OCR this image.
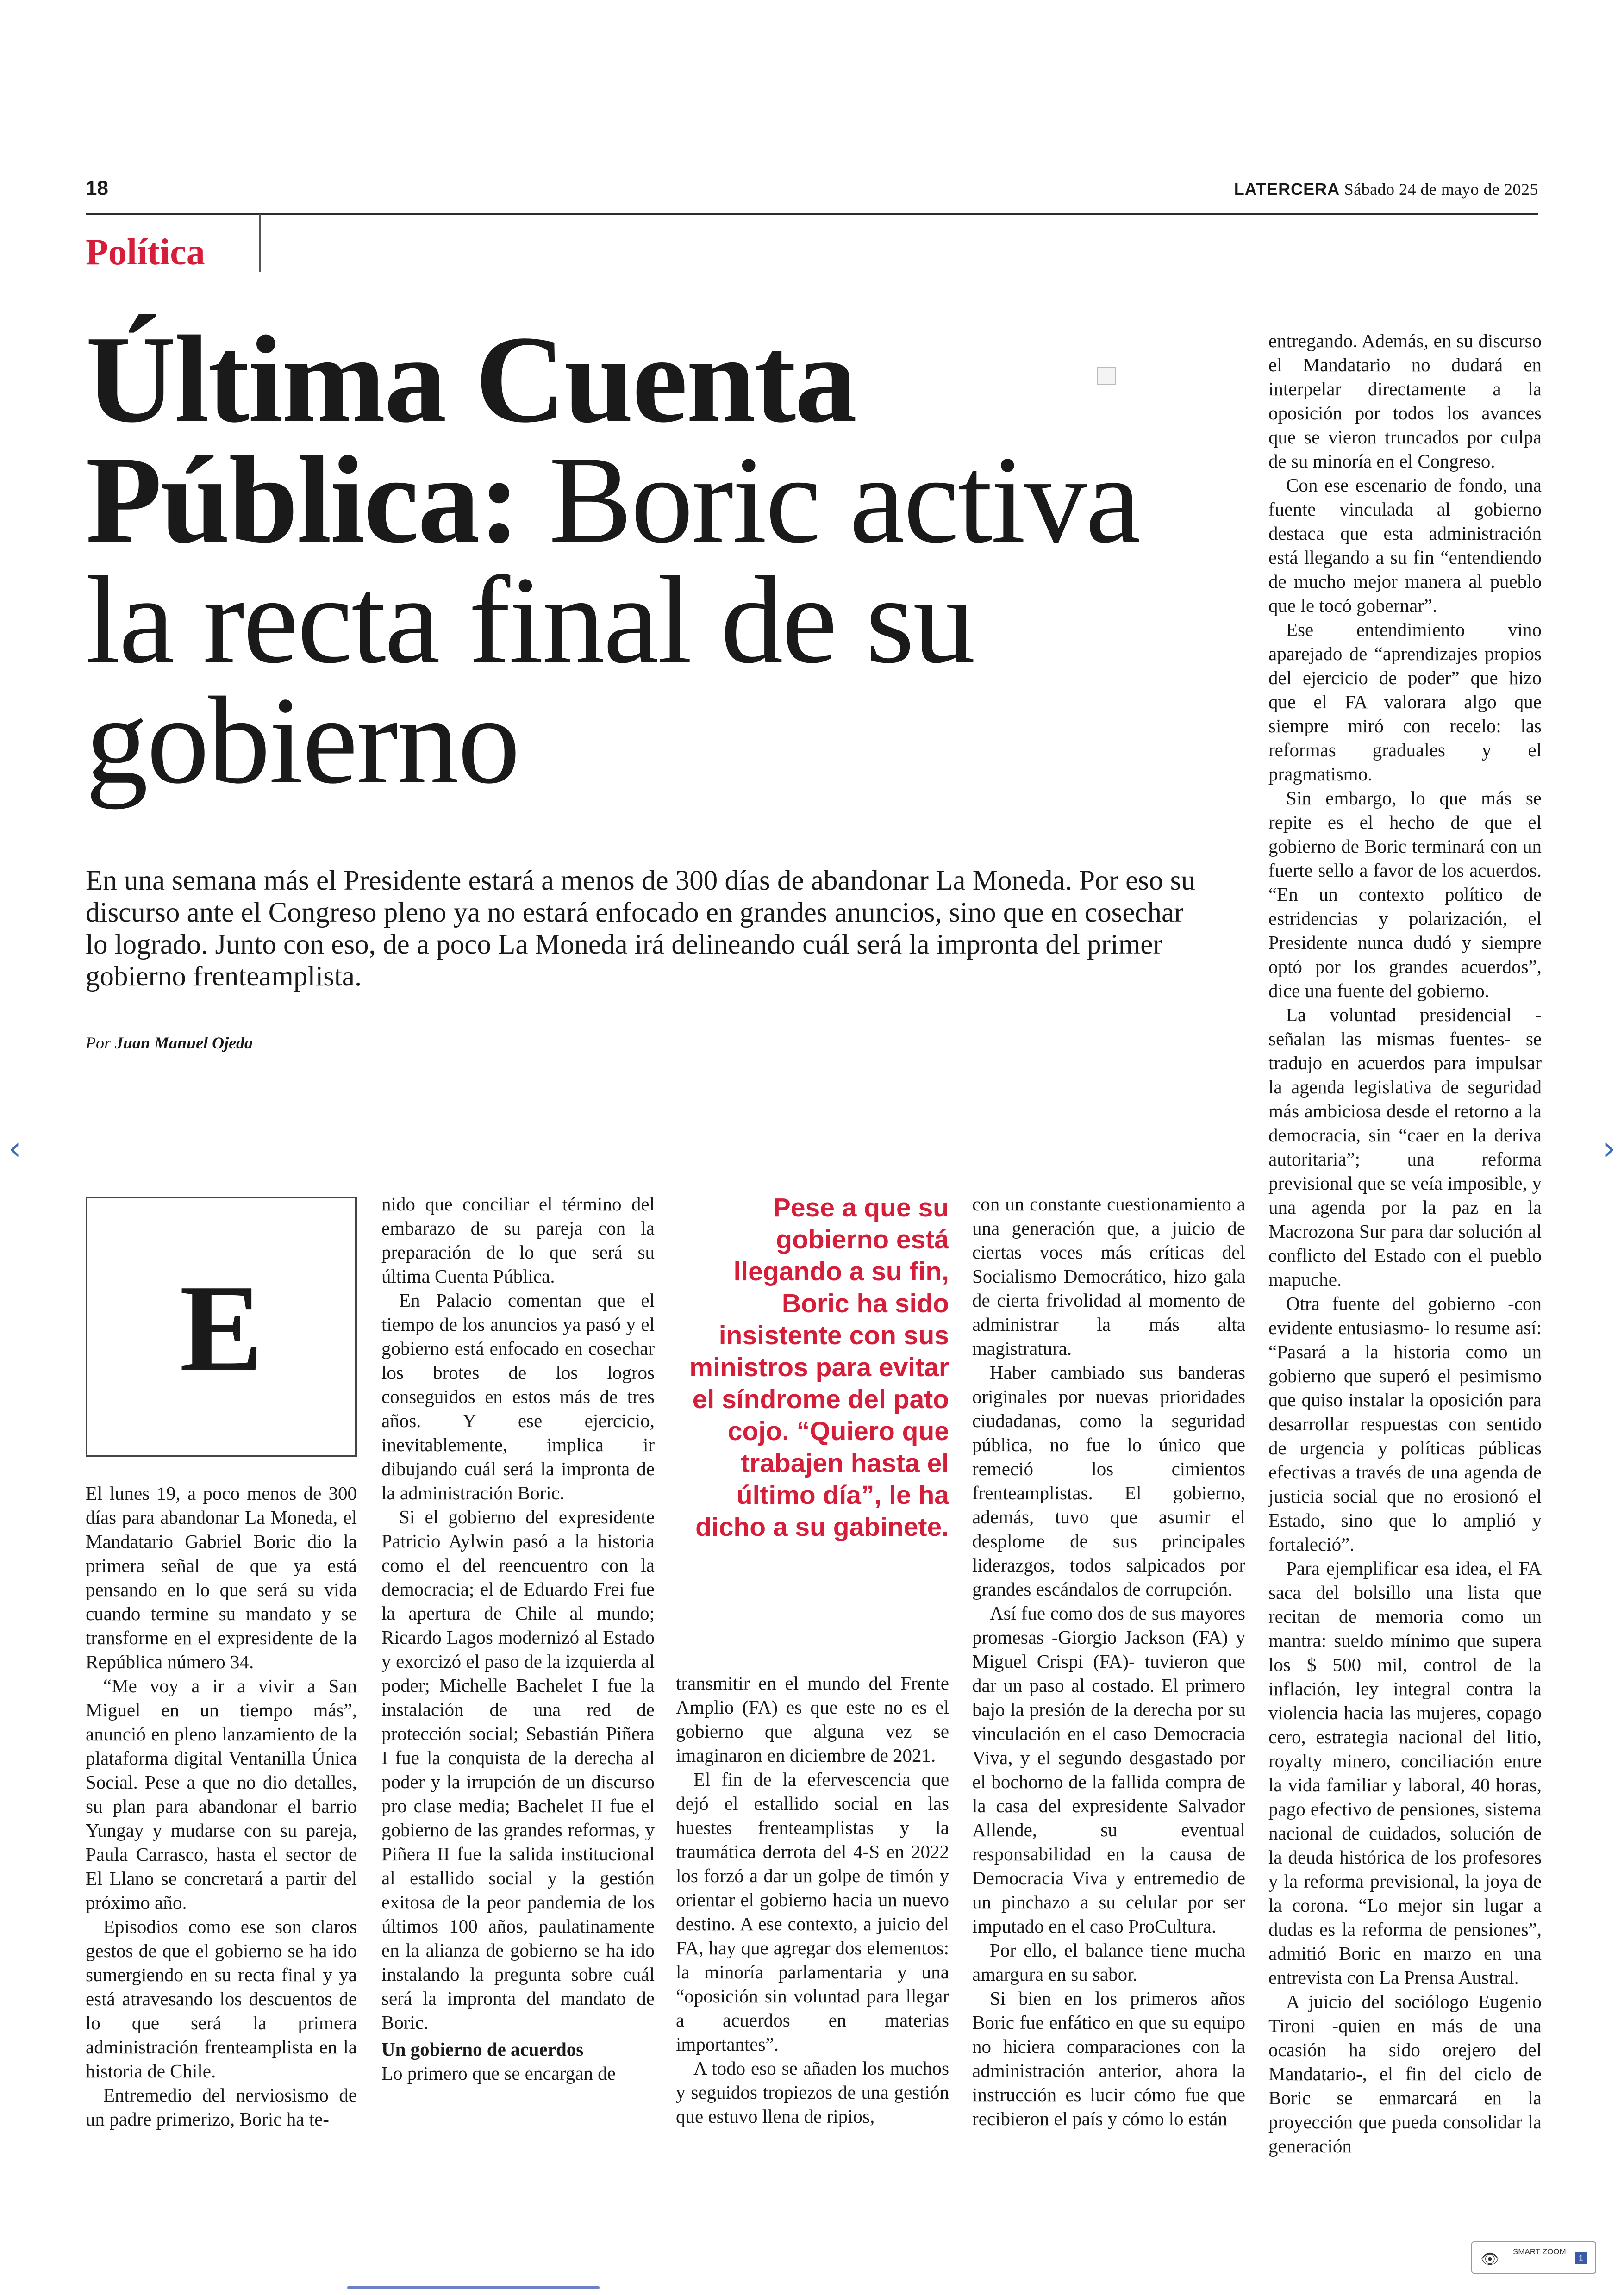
18	LATERCERA Sábado 24 de mayo de 2025
Política
Última Cuenta Pública: Boric activa la recta final de su gobierno
En una semana más el Presidente estará a menos de 300 días de abandonar La Moneda. Por eso su discurso ante el Congreso pleno ya no estará enfocado en grandes anuncios, sino que en cosechar lo logrado. Junto con eso, de a poco La Moneda irá delineando cuál será la impronta del primer gobierno frenteamplista.
Por Juan Manuel Ojeda
E

El lunes 19, a poco menos de 300 días para abandonar La Moneda, el Mandatario Gabriel Boric dio la primera señal de que ya está pensando en lo que será su vida cuando termine su mandato y se transforme en el expresidente de la República número 34.

“Me voy a ir a vivir a San Miguel en un tiempo más”, anunció en pleno lanzamiento de la plataforma digital Ventanilla Única Social. Pese a que no dio detalles, su plan para abandonar el barrio Yungay y mudarse con su pareja, Paula Carrasco, hasta el sector de El Llano se concretará a partir del próximo año.

Episodios como ese son claros gestos de que el gobierno se ha ido sumergiendo en su recta final y ya está atravesando los descuentos de lo que será la primera administración frenteamplista en la historia de Chile.

Entremedio del nerviosismo de un padre primerizo, Boric ha te-

nido que conciliar el término del embarazo de su pareja con la preparación de lo que será su última Cuenta Pública.

En Palacio comentan que el tiempo de los anuncios ya pasó y el gobierno está enfocado en cosechar los brotes de los logros conseguidos en estos más de tres años. Y ese ejercicio, inevitablemente, implica ir dibujando cuál será la impronta de la administración Boric.

Si el gobierno del expresidente Patricio Aylwin pasó a la historia como el del reencuentro con la democracia; el de Eduardo Frei fue la apertura de Chile al mundo; Ricardo Lagos modernizó al Estado y exorcizó el paso de la izquierda al poder; Michelle Bachelet I fue la instalación de una red de protección social; Sebastián Piñera I fue la conquista de la derecha al poder y la irrupción de un discurso pro clase media; Bachelet II fue el gobierno de las grandes reformas, y Piñera II fue la salida institucional al estallido social y la gestión exitosa de la peor pandemia de los últimos 100 años, paulatinamente en la alianza de gobierno se ha ido instalando la pregunta sobre cuál será la impronta del mandato de Boric.

Un gobierno de acuerdos

Lo primero que se encargan de

Pese a que su gobierno está llegando a su fin, Boric ha sido insistente con sus ministros para evitar el síndrome del pato cojo. “Quiero que trabajen hasta el último día”, le ha dicho a su gabinete.

transmitir en el mundo del Frente Amplio (FA) es que este no es el gobierno que alguna vez se imaginaron en diciembre de 2021.

El fin de la efervescencia que dejó el estallido social en las huestes frenteamplistas y la traumática derrota del 4-S en 2022 los forzó a dar un golpe de timón y orientar el gobierno hacia un nuevo destino. A ese contexto, a juicio del FA, hay que agregar dos elementos: la minoría parlamentaria y una “oposición sin voluntad para llegar a acuerdos en materias importantes”.

A todo eso se añaden los muchos y seguidos tropiezos de una gestión que estuvo llena de ripios,

con un constante cuestionamiento a una generación que, a juicio de ciertas voces más críticas del Socialismo Democrático, hizo gala de cierta frivolidad al momento de administrar la más alta magistratura.

Haber cambiado sus banderas originales por nuevas prioridades ciudadanas, como la seguridad pública, no fue lo único que remeció los cimientos frenteamplistas. El gobierno, además, tuvo que asumir el desplome de sus principales liderazgos, todos salpicados por grandes escándalos de corrupción.

Así fue como dos de sus mayores promesas -Giorgio Jackson (FA) y Miguel Crispi (FA)- tuvieron que dar un paso al costado. El primero bajo la presión de la derecha por su vinculación en el caso Democracia Viva, y el segundo desgastado por el bochorno de la fallida compra de la casa del expresidente Salvador Allende, su eventual responsabilidad en la causa de Democracia Viva y entremedio de un pinchazo a su celular por ser imputado en el caso ProCultura.

Por ello, el balance tiene mucha amargura en su sabor.

Si bien en los primeros años Boric fue enfático en que su equipo no hiciera comparaciones con la administración anterior, ahora la instrucción es lucir cómo fue que recibieron el país y cómo lo están

entregando. Además, en su discurso el Mandatario no dudará en interpelar directamente a la oposición por todos los avances que se vieron truncados por culpa de su minoría en el Congreso.

Con ese escenario de fondo, una fuente vinculada al gobierno destaca que esta administración está llegando a su fin “entendiendo de mucho mejor manera al pueblo que le tocó gobernar”.

Ese entendimiento vino aparejado de “aprendizajes propios del ejercicio de poder” que hizo que el FA valorara algo que siempre miró con recelo: las reformas graduales y el pragmatismo.

Sin embargo, lo que más se repite es el hecho de que el gobierno de Boric terminará con un fuerte sello a favor de los acuerdos. “En un contexto político de estridencias y polarización, el Presidente nunca dudó y siempre optó por los grandes acuerdos”, dice una fuente del gobierno.

La voluntad presidencial -señalan las mismas fuentes- se tradujo en acuerdos para impulsar la agenda legislativa de seguridad más ambiciosa desde el retorno a la democracia, sin “caer en la deriva autoritaria”; una reforma previsional que se veía imposible, y una agenda por la paz en la Macrozona Sur para dar solución al conflicto del Estado con el pueblo mapuche.

Otra fuente del gobierno -con evidente entusiasmo- lo resume así: “Pasará a la historia como un gobierno que superó el pesimismo que quiso instalar la oposición para desarrollar respuestas con sentido de urgencia y políticas públicas efectivas a través de una agenda de justicia social que no erosionó el Estado, sino que lo amplió y fortaleció”.

Para ejemplificar esa idea, el FA saca del bolsillo una lista que recitan de memoria como un mantra: sueldo mínimo que supera los $ 500 mil, control de la inflación, ley integral contra la violencia hacia las mujeres, copago cero, estrategia nacional del litio, royalty minero, conciliación entre la vida familiar y laboral, 40 horas, pago efectivo de pensiones, sistema nacional de cuidados, solución de la deuda histórica de los profesores y la reforma previsional, la joya de la corona. “Lo mejor sin lugar a dudas es la reforma de pensiones”, admitió Boric en marzo en una entrevista con La Prensa Austral.

A juicio del sociólogo Eugenio Tironi -quien en más de una ocasión ha sido orejero del Mandatario-, el fin del ciclo de Boric se enmarcará en la proyección que pueda consolidar la generación

‹	›
👁 SMART ZOOM
1
